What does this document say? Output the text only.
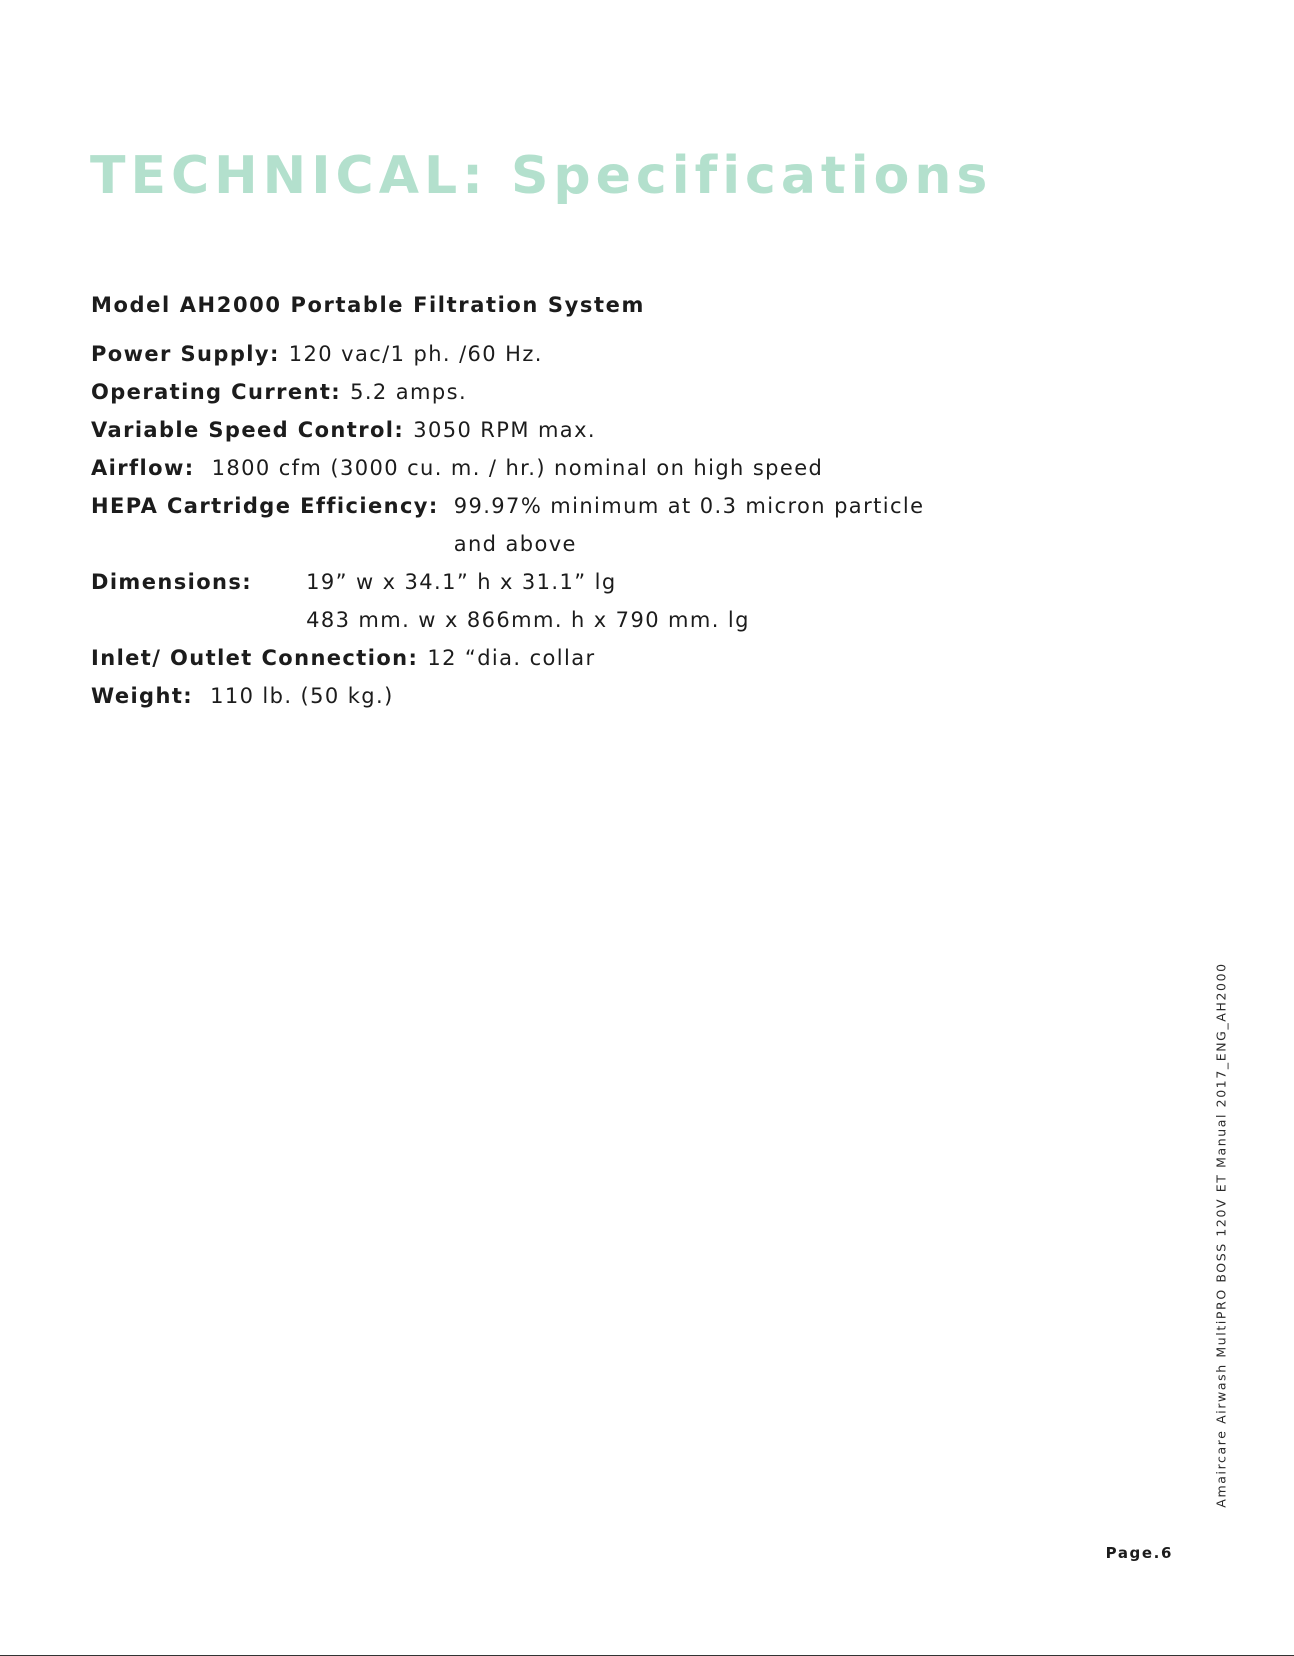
TECHNICAL: Specifications
Model AH2000 Portable Filtration System
Power Supply: 120 vac/1 ph. /60 Hz.
Operating Current: 5.2 amps.
Variable Speed Control: 3050 RPM max.
Airflow: 1800 cfm (3000 cu. m. / hr.) nominal on high speed
HEPA Cartridge Efficiency: 99.97% minimum at 0.3 micron particle
and above
Dimensions:	19” w x 34.1” h x 31.1” lg
483 mm. w x 866mm. h x 790 mm. lg
Inlet/ Outlet Connection: 12 “dia. collar
Weight: 110 lb. (50 kg.)
Amaircare Airwash MultiPRO BOSS 120V ET Manual 2017_ENG_AH2000
Page.6
